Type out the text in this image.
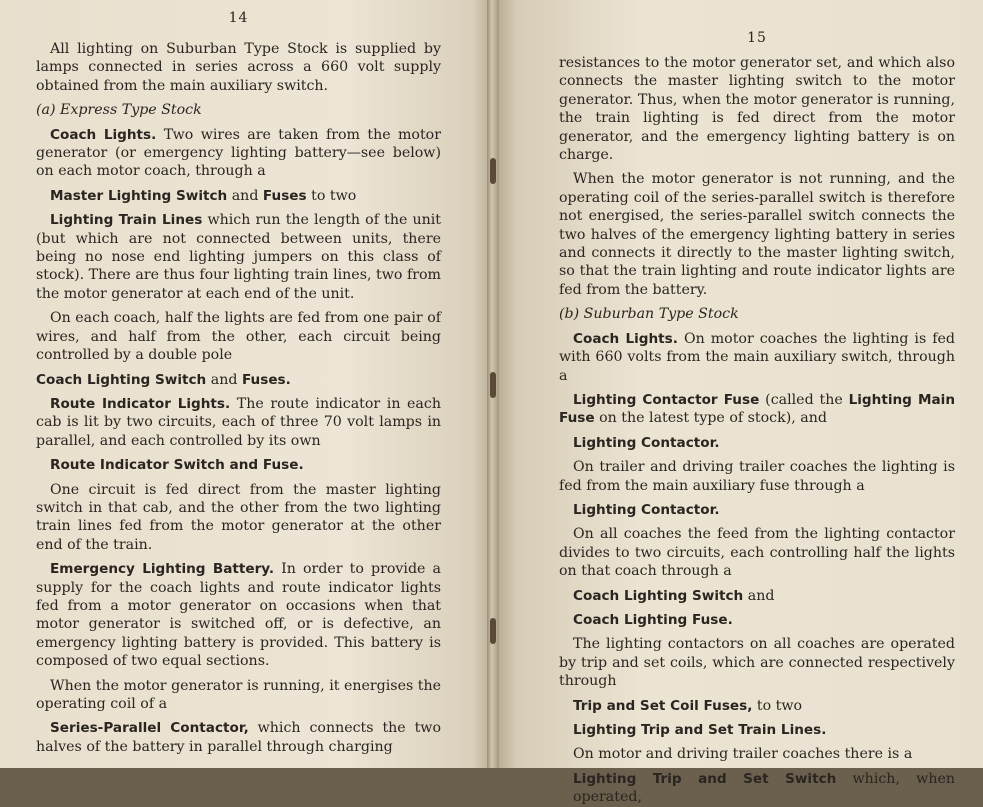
14

All lighting on Suburban Type Stock is supplied by lamps connected in series across a 660 volt supply obtained from the main auxiliary switch.

(a) Express Type Stock

Coach Lights. Two wires are taken from the motor generator (or emergency lighting battery—see below) on each motor coach, through a

Master Lighting Switch and Fuses to two

Lighting Train Lines which run the length of the unit (but which are not connected between units, there being no nose end lighting jumpers on this class of stock). There are thus four lighting train lines, two from the motor generator at each end of the unit.

On each coach, half the lights are fed from one pair of wires, and half from the other, each circuit being controlled by a double pole

Coach Lighting Switch and Fuses.

Route Indicator Lights. The route indicator in each cab is lit by two circuits, each of three 70 volt lamps in parallel, and each controlled by its own

Route Indicator Switch and Fuse.

One circuit is fed direct from the master lighting switch in that cab, and the other from the two lighting train lines fed from the motor generator at the other end of the train.

Emergency Lighting Battery. In order to provide a supply for the coach lights and route indicator lights fed from a motor generator on occasions when that motor generator is switched off, or is defective, an emergency lighting battery is provided. This battery is composed of two equal sections.

When the motor generator is running, it energises the operating coil of a

Series-Parallel Contactor, which connects the two halves of the battery in parallel through charging

15

resistances to the motor generator set, and which also connects the master lighting switch to the motor generator. Thus, when the motor generator is running, the train lighting is fed direct from the motor generator, and the emergency lighting battery is on charge.

When the motor generator is not running, and the operating coil of the series-parallel switch is therefore not energised, the series-parallel switch connects the two halves of the emergency lighting battery in series and connects it directly to the master lighting switch, so that the train lighting and route indicator lights are fed from the battery.

(b) Suburban Type Stock

Coach Lights. On motor coaches the lighting is fed with 660 volts from the main auxiliary switch, through a

Lighting Contactor Fuse (called the Lighting Main Fuse on the latest type of stock), and

Lighting Contactor.

On trailer and driving trailer coaches the lighting is fed from the main auxiliary fuse through a

Lighting Contactor.

On all coaches the feed from the lighting contactor divides to two circuits, each controlling half the lights on that coach through a

Coach Lighting Switch and

Coach Lighting Fuse.

The lighting contactors on all coaches are operated by trip and set coils, which are connected respectively through

Trip and Set Coil Fuses, to two

Lighting Trip and Set Train Lines.

On motor and driving trailer coaches there is a

Lighting Trip and Set Switch which, when operated,
